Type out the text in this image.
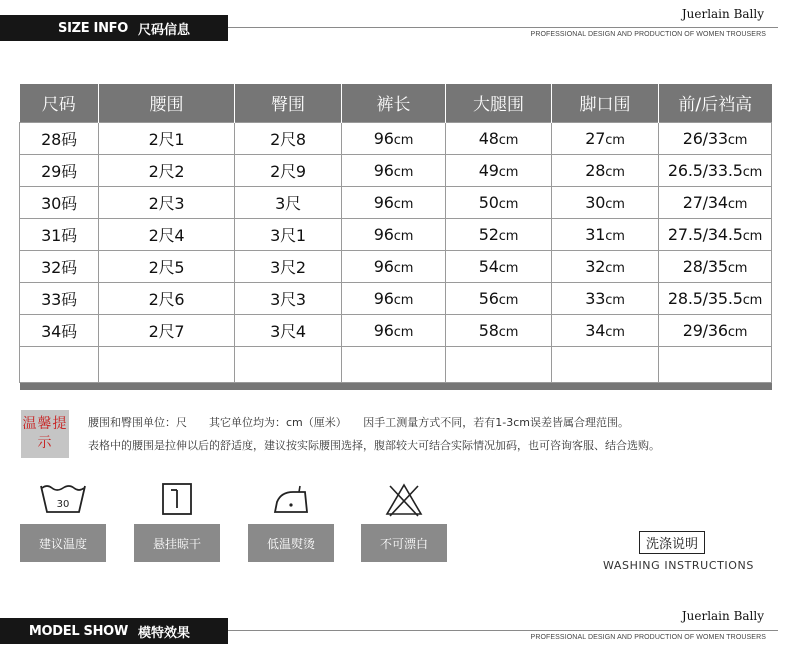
SIZE INFO 尺码信息
Juerlain Bally
PROFESSIONAL DESIGN AND PRODUCTION OF WOMEN TROUSERS
尺码	腰围	臀围	裤长	大腿围	脚口围	前/后裆高
28码	2尺1	2尺8	96cm	48cm	27cm	26/33cm
29码	2尺2	2尺9	96cm	49cm	28cm	26.5/33.5cm
30码	2尺3	3尺	96cm	50cm	30cm	27/34cm
31码	2尺4	3尺1	96cm	52cm	31cm	27.5/34.5cm
32码	2尺5	3尺2	96cm	54cm	32cm	28/35cm
33码	2尺6	3尺3	96cm	56cm	33cm	28.5/35.5cm
34码	2尺7	3尺4	96cm	58cm	34cm	29/36cm

温馨提示
腰围和臀围单位：尺　　其它单位均为：cm（厘米）　　因手工测量方式不同，若有1-3cm误差皆属合理范围。
表格中的腰围是拉伸以后的舒适度，建议按实际腰围选择，腹部较大可结合实际情况加码，也可咨询客服、结合选购。
30
建议温度	悬挂晾干	低温熨烫	不可漂白	洗涤说明
WASHING INSTRUCTIONS
MODEL SHOW 模特效果
Juerlain Bally
PROFESSIONAL DESIGN AND PRODUCTION OF WOMEN TROUSERS
